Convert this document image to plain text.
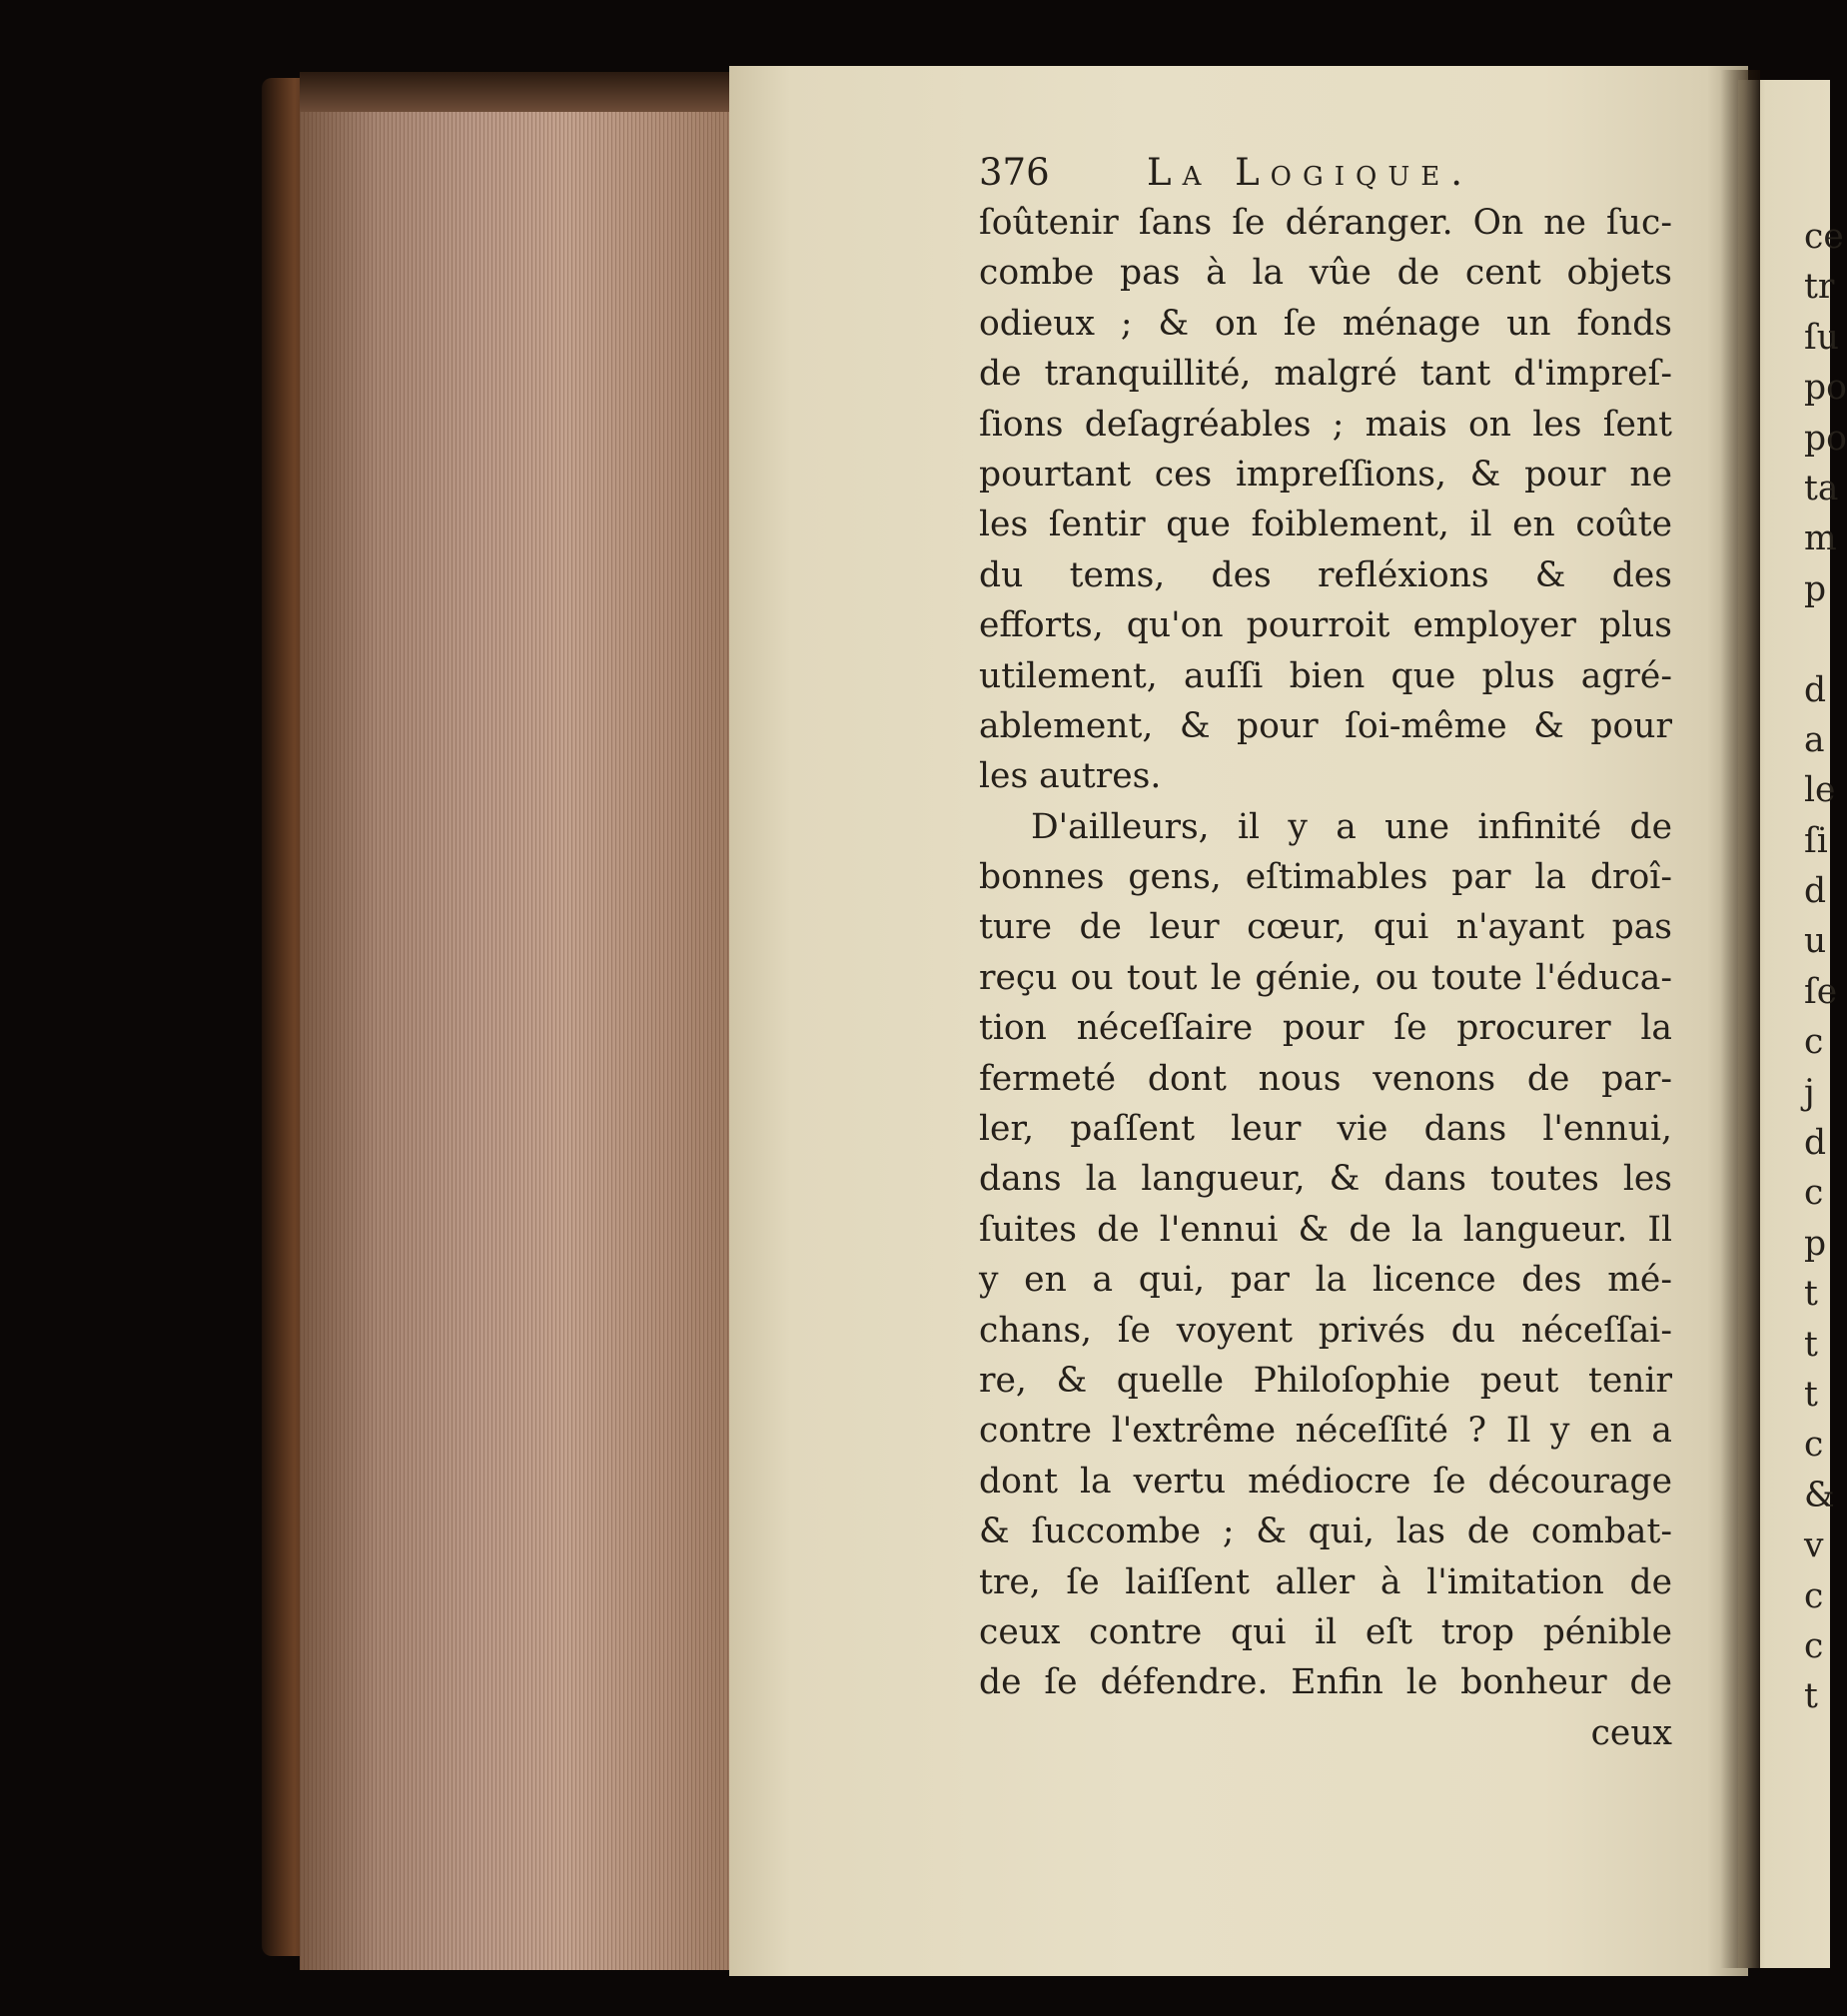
376	La Logique.
ſoûtenir ſans ſe déranger. On ne ſuc-
combe pas à la vûe de cent objets
odieux ; & on ſe ménage un fonds
de tranquillité, malgré tant d'impreſ-
ſions deſagréables ; mais on les ſent
pourtant ces impreſſions, & pour ne
les ſentir que foiblement, il en coûte
du tems, des refléxions & des
efforts, qu'on pourroit employer plus
utilement, auſſi bien que plus agré-
ablement, & pour ſoi-même & pour
les autres.
D'ailleurs, il y a une infinité de
bonnes gens, eſtimables par la droî-
ture de leur cœur, qui n'ayant pas
reçu ou tout le génie, ou toute l'éduca-
tion néceſſaire pour ſe procurer la
fermeté dont nous venons de par-
ler, paſſent leur vie dans l'ennui,
dans la langueur, & dans toutes les
ſuites de l'ennui & de la langueur. Il
y en a qui, par la licence des mé-
chans, ſe voyent privés du néceſſai-
re, & quelle Philoſophie peut tenir
contre l'extrême néceſſité ? Il y en a
dont la vertu médiocre ſe décourage
& ſuccombe ; & qui, las de combat-
tre, ſe laiſſent aller à l'imitation de
ceux contre qui il eſt trop pénible
de ſe défendre. Enfin le bonheur de
ceux
ce
tr
ſu
po
po
ta
m
p
d
a
le
ſi
d
u
ſe
c
j
d
c
p
t
t
t
c
&
v
c
c
t
